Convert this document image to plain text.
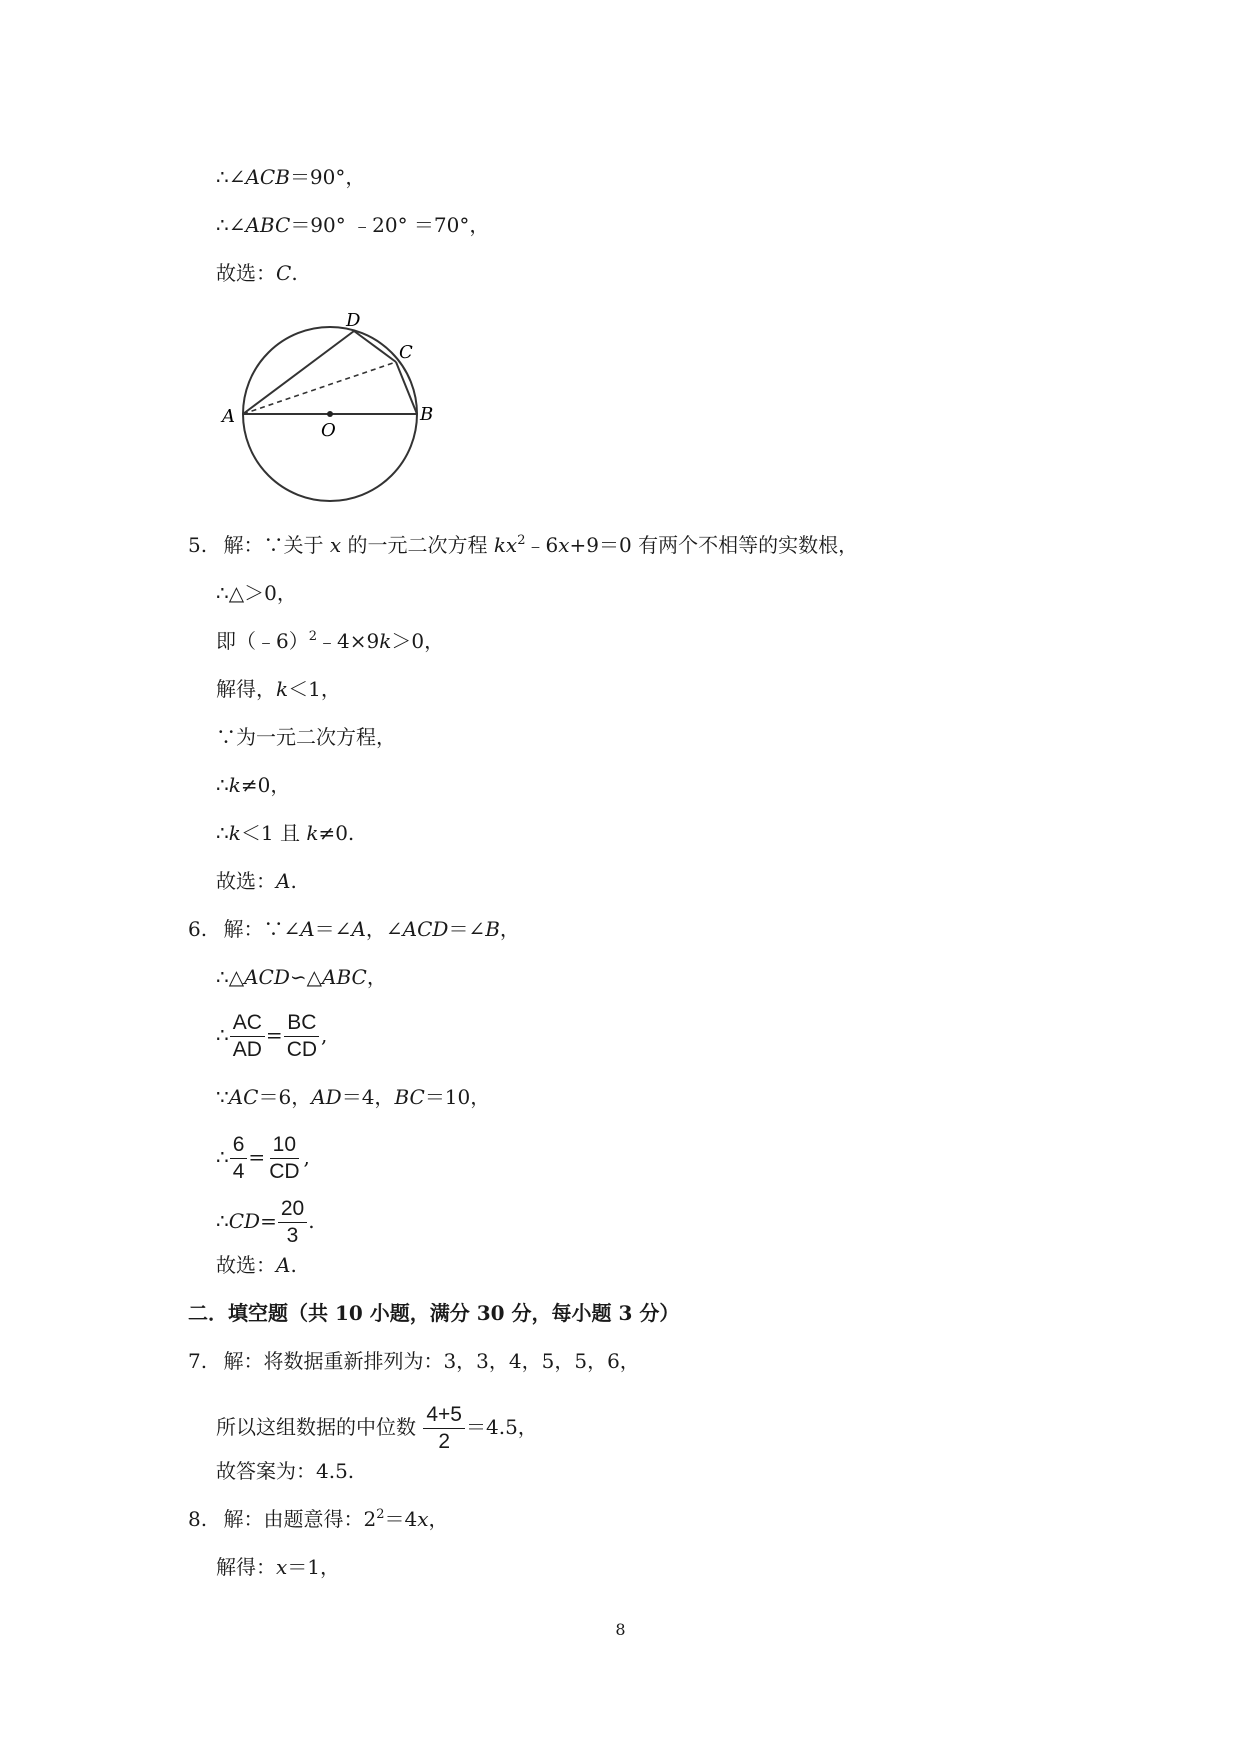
∴∠ACB＝90°，
∴∠ABC＝90° ﹣20° ＝70°，
故选：C.
A	B
C
D
O
5. 解：∵关于 x 的一元二次方程 $kx^2﹣6x+9=0$ 有两个不相等的实数根，
∴△＞0，
即（﹣6）$^2$﹣4×9k＞0，
解得，k＜1，
∵为一元二次方程，
∴k≠0，
∴k＜1 且 k≠0.
故选：A.
6. 解：∵∠A＝∠A，∠ACD＝∠B，
∴△ACD∽△ABC，
∴ $\frac{AC}{AD} = \frac{BC}{CD}$ ,
∵AC＝6，AD＝4，BC＝10，
∴ $\frac{6}{4} = \frac{10}{CD}$ ,
∴CD= $\frac{20}{3}$ .
故选：A.
二．填空题（共 10 小题，满分 30 分，每小题 3 分）
7. 解：将数据重新排列为：3，3，4，5，5，6，
所以这组数据的中位数 $\frac{4+5}{2} =4.5$，
故答案为：4.5.
8. 解：由题意得：$2^2=4x$，
解得：x＝1，
8
